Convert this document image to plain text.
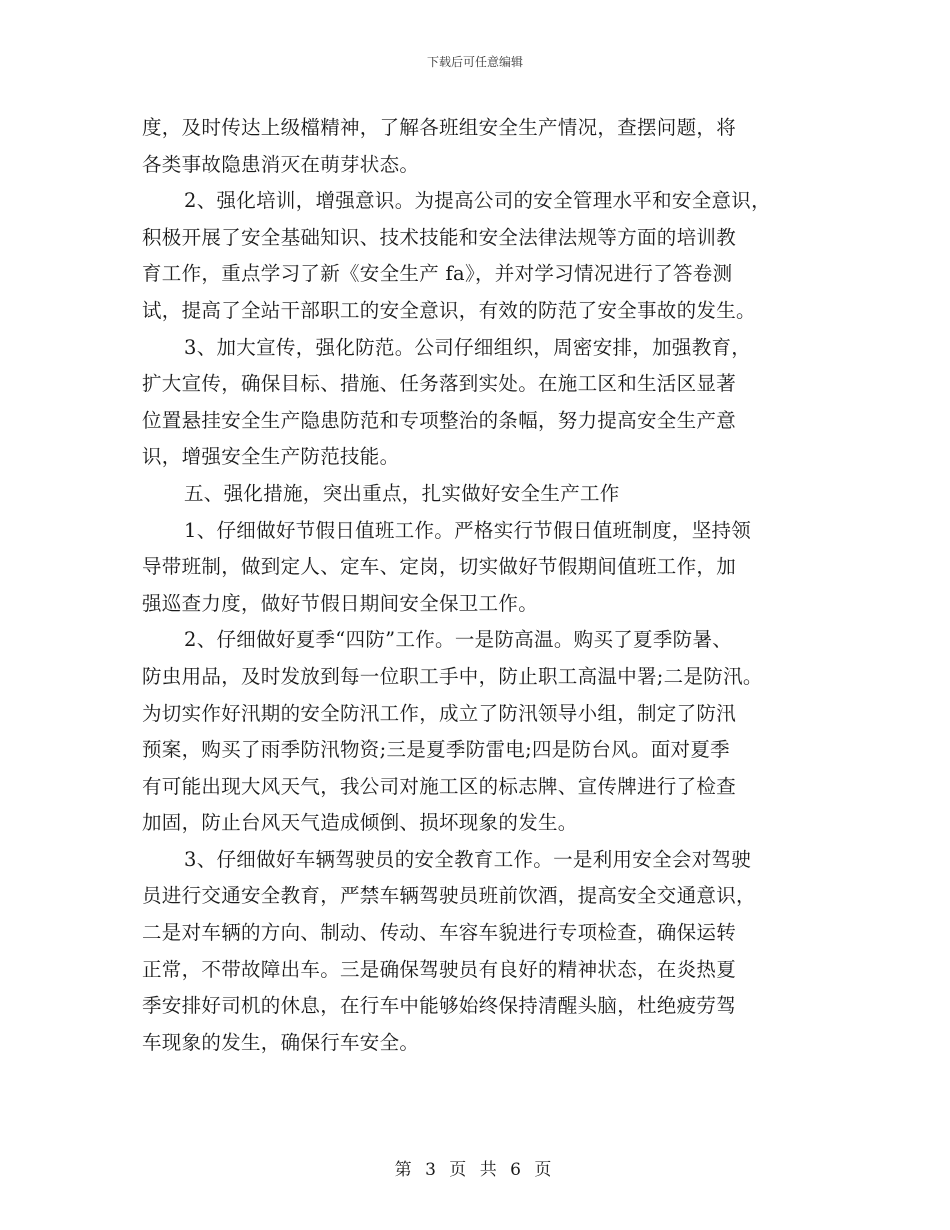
下载后可任意编辑
度，及时传达上级檔精神，了解各班组安全生产情况，查摆问题，将
各类事故隐患消灭在萌芽状态。
2、强化培训，增强意识。为提高公司的安全管理水平和安全意识，
积极开展了安全基础知识、技术技能和安全法律法规等方面的培训教
育工作，重点学习了新《安全生产 fa》，并对学习情况进行了答卷测
试，提高了全站干部职工的安全意识，有效的防范了安全事故的发生。
3、加大宣传，强化防范。公司仔细组织，周密安排，加强教育，
扩大宣传，确保目标、措施、任务落到实处。在施工区和生活区显著
位置悬挂安全生产隐患防范和专项整治的条幅，努力提高安全生产意
识，增强安全生产防范技能。
五、强化措施，突出重点，扎实做好安全生产工作
1、仔细做好节假日值班工作。严格实行节假日值班制度，坚持领
导带班制，做到定人、定车、定岗，切实做好节假期间值班工作，加
强巡查力度，做好节假日期间安全保卫工作。
2、仔细做好夏季“四防”工作。一是防高温。购买了夏季防暑、
防虫用品，及时发放到每一位职工手中，防止职工高温中署;二是防汛。
为切实作好汛期的安全防汛工作，成立了防汛领导小组，制定了防汛
预案，购买了雨季防汛物资;三是夏季防雷电;四是防台风。面对夏季
有可能出现大风天气，我公司对施工区的标志牌、宣传牌进行了检查
加固，防止台风天气造成倾倒、损坏现象的发生。
3、仔细做好车辆驾驶员的安全教育工作。一是利用安全会对驾驶
员进行交通安全教育，严禁车辆驾驶员班前饮酒，提高安全交通意识，
二是对车辆的方向、制动、传动、车容车貌进行专项检查，确保运转
正常，不带故障出车。三是确保驾驶员有良好的精神状态，在炎热夏
季安排好司机的休息，在行车中能够始终保持清醒头脑，杜绝疲劳驾
车现象的发生，确保行车安全。
第 3 页 共 6 页
